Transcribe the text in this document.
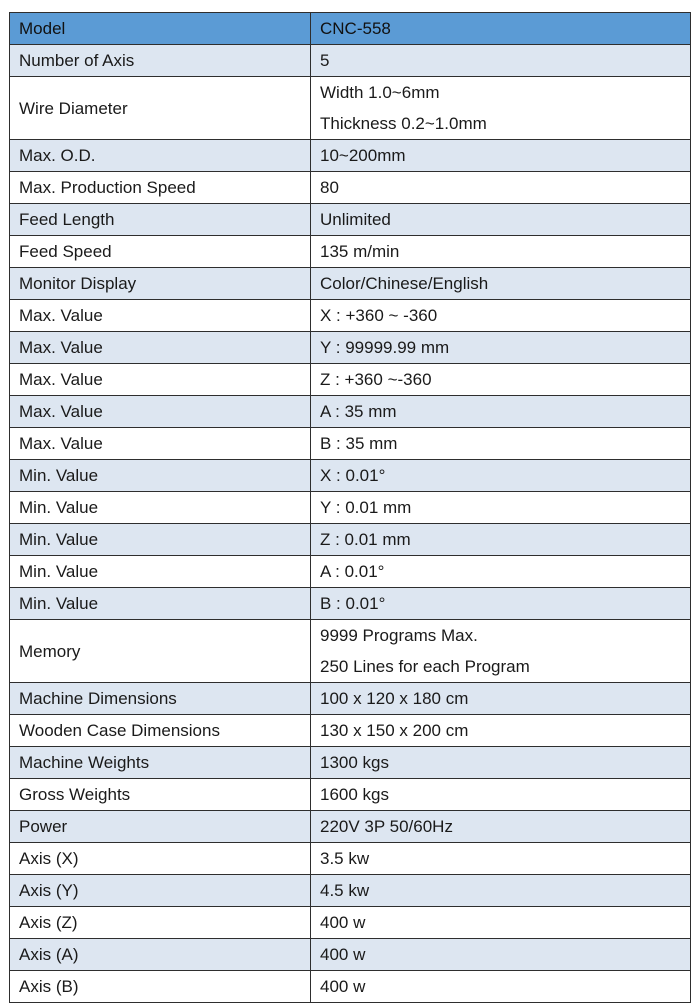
Model	CNC-558
Number of Axis	5

Wire Diameter	Width 1.0~6mm
Thickness 0.2~1.0mm

Max. O.D.	10~200mm

Max. Production Speed	80

Feed Length	Unlimited

Feed Speed	135 m/min

Monitor Display	Color/Chinese/English

Max. Value	X : +360 ~ -360

Max. Value	Y : 99999.99 mm

Max. Value	Z : +360 ~-360

Max. Value	A : 35 mm

Max. Value	B : 35 mm

Min. Value	X : 0.01°

Min. Value	Y : 0.01 mm

Min. Value	Z : 0.01 mm

Min. Value	A : 0.01°

Min. Value	B : 0.01°

Memory	9999 Programs Max.
250 Lines for each Program

Machine Dimensions	100 x 120 x 180 cm

Wooden Case Dimensions	130 x 150 x 200 cm

Machine Weights	1300 kgs

Gross Weights	1600 kgs

Power	220V 3P 50/60Hz

Axis (X)	3.5 kw

Axis (Y)	4.5 kw

Axis (Z)	400 w

Axis (A)	400 w

Axis (B)	400 w
